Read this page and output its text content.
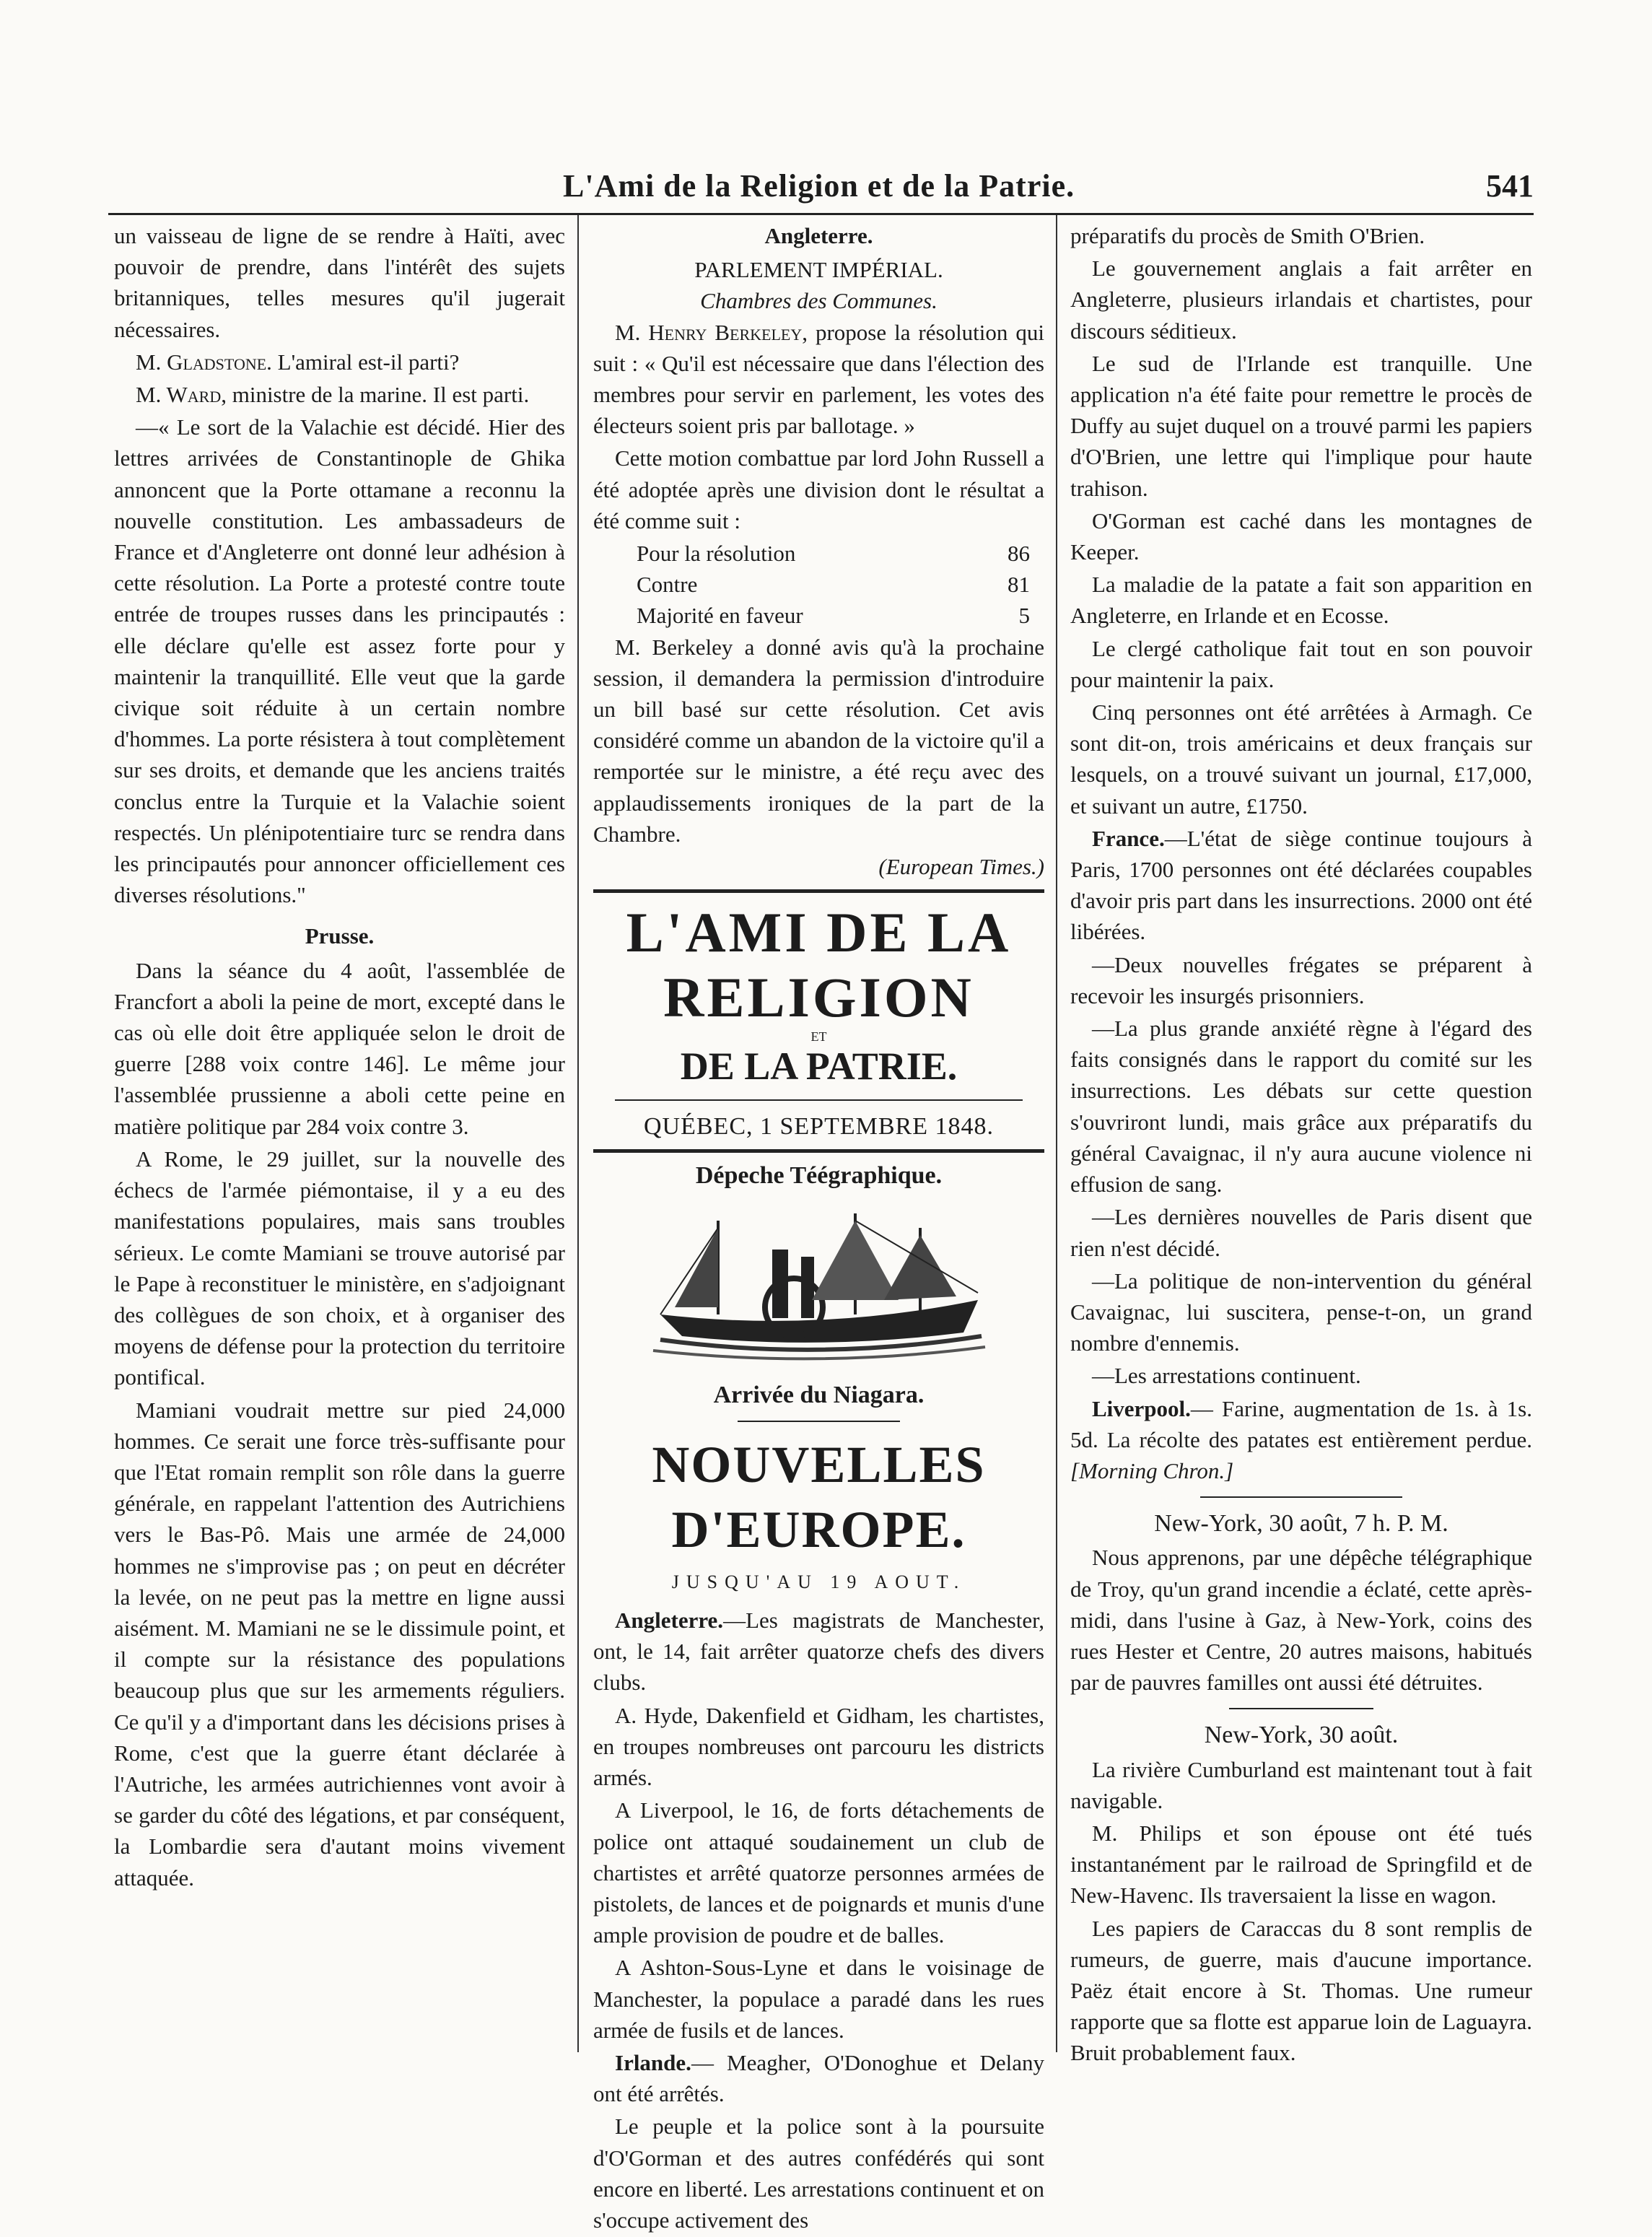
L'Ami de la Religion et de la Patrie.	541

un vaisseau de ligne de se rendre à Haïti, avec pouvoir de prendre, dans l'intérêt des sujets britanniques, telles mesures qu'il jugerait nécessaires.

M. Gladstone. L'amiral est-il parti?

M. Ward, ministre de la marine. Il est parti.

—« Le sort de la Valachie est décidé. Hier des lettres arrivées de Constantinople de Ghika annoncent que la Porte ottamane a reconnu la nouvelle constitution. Les ambassadeurs de France et d'Angleterre ont donné leur adhésion à cette résolution. La Porte a protesté contre toute entrée de troupes russes dans les principautés : elle déclare qu'elle est assez forte pour y maintenir la tranquillité. Elle veut que la garde civique soit réduite à un certain nombre d'hommes. La porte résistera à tout complètement sur ses droits, et demande que les anciens traités conclus entre la Turquie et la Valachie soient respectés. Un plénipotentiaire turc se rendra dans les principautés pour annoncer officiellement ces diverses résolutions."

Prusse.

Dans la séance du 4 août, l'assemblée de Francfort a aboli la peine de mort, excepté dans le cas où elle doit être appliquée selon le droit de guerre [288 voix contre 146]. Le même jour l'assemblée prussienne a aboli cette peine en matière politique par 284 voix contre 3.

A Rome, le 29 juillet, sur la nouvelle des échecs de l'armée piémontaise, il y a eu des manifestations populaires, mais sans troubles sérieux. Le comte Mamiani se trouve autorisé par le Pape à reconstituer le ministère, en s'adjoignant des collègues de son choix, et à organiser des moyens de défense pour la protection du territoire pontifical.

Mamiani voudrait mettre sur pied 24,000 hommes. Ce serait une force très-suffisante pour que l'Etat romain remplit son rôle dans la guerre générale, en rappelant l'attention des Autrichiens vers le Bas-Pô. Mais une armée de 24,000 hommes ne s'improvise pas ; on peut en décréter la levée, on ne peut pas la mettre en ligne aussi aisément. M. Mamiani ne se le dissimule point, et il compte sur la résistance des populations beaucoup plus que sur les armements réguliers. Ce qu'il y a d'important dans les décisions prises à Rome, c'est que la guerre étant déclarée à l'Autriche, les armées autrichiennes vont avoir à se garder du côté des légations, et par conséquent, la Lombardie sera d'autant moins vivement attaquée.

Angleterre.
PARLEMENT IMPÉRIAL.
Chambres des Communes.

M. Henry Berkeley, propose la résolution qui suit : « Qu'il est nécessaire que dans l'élection des membres pour servir en parlement, les votes des électeurs soient pris par ballotage. »

Cette motion combattue par lord John Russell a été adoptée après une division dont le résultat a été comme suit :

Pour la résolution	86
Contre	81
Majorité en faveur	5

M. Berkeley a donné avis qu'à la prochaine session, il demandera la permission d'introduire un bill basé sur cette résolution. Cet avis considéré comme un abandon de la victoire qu'il a remportée sur le ministre, a été reçu avec des applaudissements ironiques de la part de la Chambre.

(European Times.)
L'AMI DE LA RELIGION
ET
DE LA PATRIE.
QUÉBEC, 1 SEPTEMBRE 1848.
Dépeche Téégraphique.
Arrivée du Niagara.
NOUVELLES D'EUROPE.
JUSQU'AU 19 AOUT.

Angleterre.—Les magistrats de Manchester, ont, le 14, fait arrêter quatorze chefs des divers clubs.

A. Hyde, Dakenfield et Gidham, les chartistes, en troupes nombreuses ont parcouru les districts armés.

A Liverpool, le 16, de forts détachements de police ont attaqué soudainement un club de chartistes et arrêté quatorze personnes armées de pistolets, de lances et de poignards et munis d'une ample provision de poudre et de balles.

A Ashton-Sous-Lyne et dans le voisinage de Manchester, la populace a paradé dans les rues armée de fusils et de lances.

Irlande.— Meagher, O'Donoghue et Delany ont été arrêtés.

Le peuple et la police sont à la poursuite d'O'Gorman et des autres confédérés qui sont encore en liberté. Les arrestations continuent et on s'occupe activement des

préparatifs du procès de Smith O'Brien.

Le gouvernement anglais a fait arrêter en Angleterre, plusieurs irlandais et chartistes, pour discours séditieux.

Le sud de l'Irlande est tranquille. Une application n'a été faite pour remettre le procès de Duffy au sujet duquel on a trouvé parmi les papiers d'O'Brien, une lettre qui l'implique pour haute trahison.

O'Gorman est caché dans les montagnes de Keeper.

La maladie de la patate a fait son apparition en Angleterre, en Irlande et en Ecosse.

Le clergé catholique fait tout en son pouvoir pour maintenir la paix.

Cinq personnes ont été arrêtées à Armagh. Ce sont dit-on, trois américains et deux français sur lesquels, on a trouvé suivant un journal, £17,000, et suivant un autre, £1750.

France.—L'état de siège continue toujours à Paris, 1700 personnes ont été déclarées coupables d'avoir pris part dans les insurrections. 2000 ont été libérées.

—Deux nouvelles frégates se préparent à recevoir les insurgés prisonniers.

—La plus grande anxiété règne à l'égard des faits consignés dans le rapport du comité sur les insurrections. Les débats sur cette question s'ouvriront lundi, mais grâce aux préparatifs du général Cavaignac, il n'y aura aucune violence ni effusion de sang.

—Les dernières nouvelles de Paris disent que rien n'est décidé.

—La politique de non-intervention du général Cavaignac, lui suscitera, pense-t-on, un grand nombre d'ennemis.

—Les arrestations continuent.

Liverpool.— Farine, augmentation de 1s. à 1s. 5d. La récolte des patates est entièrement perdue. [Morning Chron.]

New-York, 30 août, 7 h. P. M.

Nous apprenons, par une dépêche télégraphique de Troy, qu'un grand incendie a éclaté, cette après-midi, dans l'usine à Gaz, à New-York, coins des rues Hester et Centre, 20 autres maisons, habitués par de pauvres familles ont aussi été détruites.

New-York, 30 août.

La rivière Cumburland est maintenant tout à fait navigable.

M. Philips et son épouse ont été tués instantanément par le railroad de Springfild et de New-Havenc. Ils traversaient la lisse en wagon.

Les papiers de Caraccas du 8 sont remplis de rumeurs, de guerre, mais d'aucune importance. Paëz était encore à St. Thomas. Une rumeur rapporte que sa flotte est apparue loin de Laguayra. Bruit probablement faux.
